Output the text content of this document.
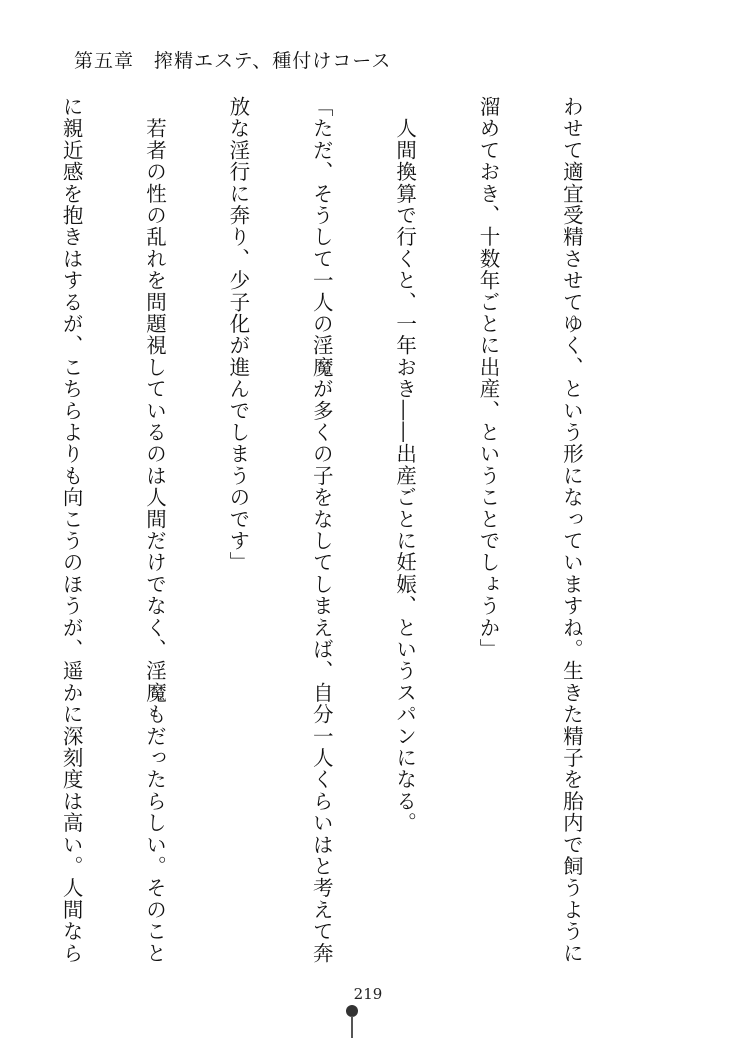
第五章　搾精エステ、種付けコース

わせて適宜受精させてゆく、という形になっていますね。生きた精子を胎内で飼うように

溜めておき、十数年ごとに出産、ということでしょうか」

　人間換算で行くと、一年おき――出産ごとに妊娠、というスパンになる。

「ただ、そうして一人の淫魔が多くの子をなしてしまえば、自分一人くらいはと考えて奔

放な淫行に奔り、少子化が進んでしまうのです」

　若者の性の乱れを問題視しているのは人間だけでなく、淫魔もだったらしい。そのこと

に親近感を抱きはするが、こちらよりも向こうのほうが、遥かに深刻度は高い。人間なら

219
